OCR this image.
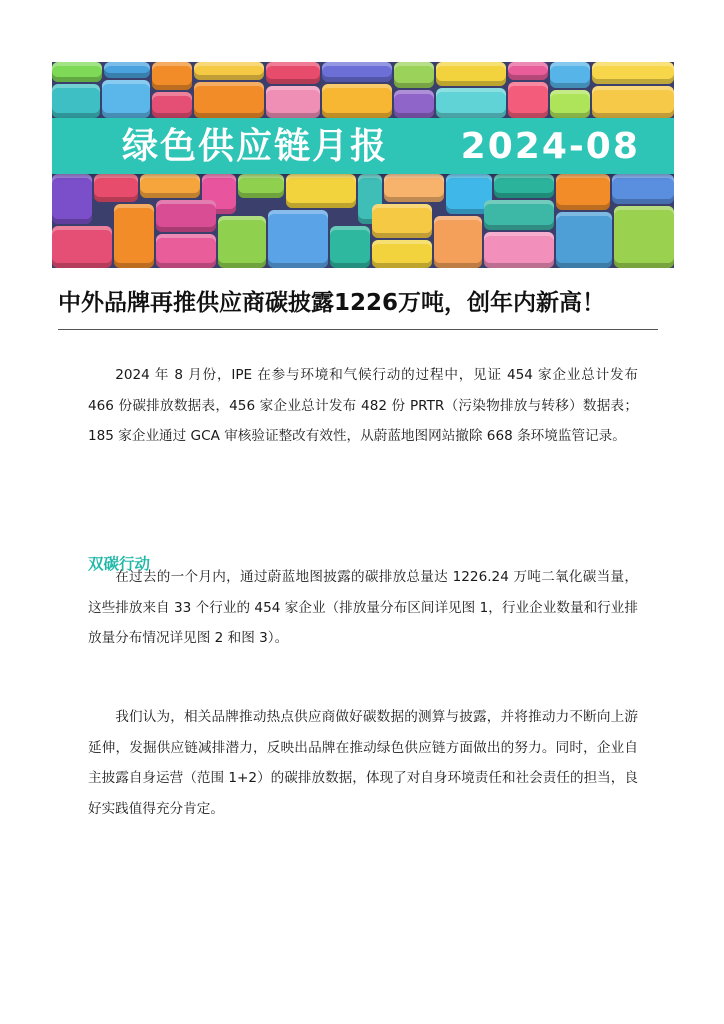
绿色供应链月报     2024-08
中外品牌再推供应商碳披露1226万吨，创年内新高！

2024 年 8 月份，IPE 在参与环境和气候行动的过程中，见证 454 家企业总计发布 466 份碳排放数据表，456 家企业总计发布 482 份 PRTR（污染物排放与转移）数据表；185 家企业通过 GCA 审核验证整改有效性，从蔚蓝地图网站撤除 668 条环境监管记录。

双碳行动

在过去的一个月内，通过蔚蓝地图披露的碳排放总量达 1226.24 万吨二氧化碳当量，这些排放来自 33 个行业的 454 家企业（排放量分布区间详见图 1，行业企业数量和行业排放量分布情况详见图 2 和图 3）。

我们认为，相关品牌推动热点供应商做好碳数据的测算与披露，并将推动力不断向上游延伸，发掘供应链减排潜力，反映出品牌在推动绿色供应链方面做出的努力。同时，企业自主披露自身运营（范围 1+2）的碳排放数据，体现了对自身环境责任和社会责任的担当，良好实践值得充分肯定。
